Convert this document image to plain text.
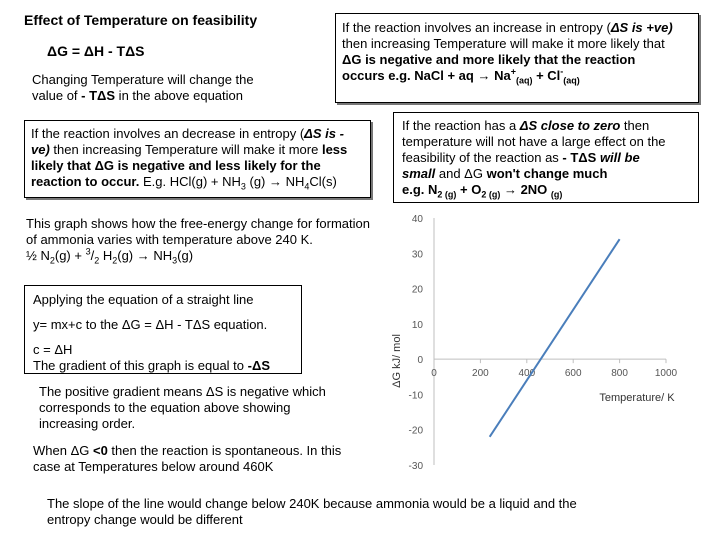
Effect of Temperature on feasibility
ΔG = ΔH - TΔS
Changing Temperature will change the
value of - TΔS in the above equation
If the reaction involves an increase in entropy (ΔS is +ve)
then increasing Temperature will make it more likely that
ΔG is negative and more likely that the reaction
occurs e.g. NaCl + aq → $Na^+_{(aq)} + Cl^-_{(aq)}$
If the reaction involves an decrease in entropy (ΔS is -
ve) then increasing Temperature will make it more less
likely that ΔG is negative and less likely for the
reaction to occur. E.g. $HCl(g) + NH_3$ $(g) \to NH_4Cl(s)$
If the reaction has a ΔS close to zero then
temperature will not have a large effect on the
feasibility of the reaction as - TΔS will be
small and ΔG won't change much
e.g. $N_{2 (g)} + O_{2 (g)} \to 2NO$ $_{(g)}$
This graph shows how the free-energy change for formation
of ammonia varies with temperature above 240 K.
½ $N_2(g) + ^3/_2$ $H_2(g) \to NH_3(g)$
Applying the equation of a straight line
y= mx+c to the ΔG = ΔH - TΔS equation.
c = ΔH
The gradient of this graph is equal to -ΔS
The positive gradient means ΔS is negative which
corresponds to the equation above showing
increasing order.
When ΔG <0 then the reaction is spontaneous. In this
case at Temperatures below around 460K
The slope of the line would change below 240K because ammonia would be a liquid and the
entropy change would be different
40
30
20
10
0
-10
-20
-30
0	200	400	600	800	1000
ΔG kJ/ mol
Temperature/ K
